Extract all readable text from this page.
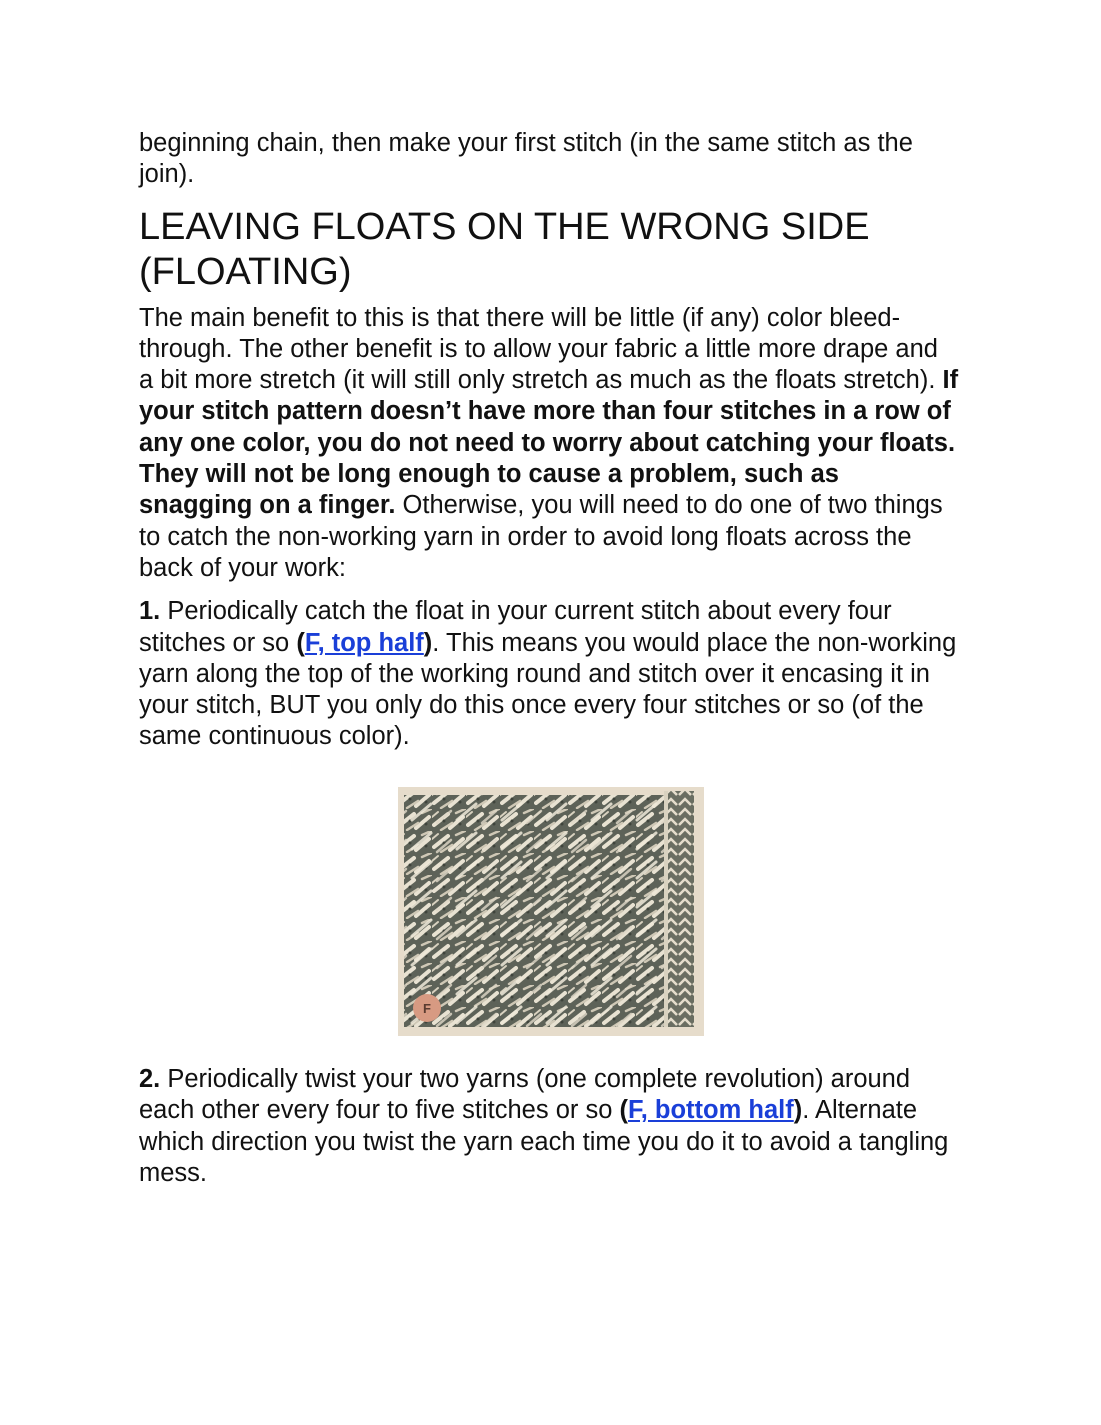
beginning chain, then make your first stitch (in the same stitch as the join).

LEAVING FLOATS ON THE WRONG SIDE
(FLOATING)

The main benefit to this is that there will be little (if any) color bleed-through. The other benefit is to allow your fabric a little more drape and a bit more stretch (it will still only stretch as much as the floats stretch). If your stitch pattern doesn’t have more than four stitches in a row of any one color, you do not need to worry about catching your floats. They will not be long enough to cause a problem, such as snagging on a finger. Otherwise, you will need to do one of two things to catch the non-working yarn in order to avoid long floats across the back of your work:

1. Periodically catch the float in your current stitch about every four stitches or so (F, top half). This means you would place the non-working yarn along the top of the working round and stitch over it encasing it in your stitch, BUT you only do this once every four stitches or so (of the same continuous color).

F

2. Periodically twist your two yarns (one complete revolution) around each other every four to five stitches or so (F, bottom half). Alternate which direction you twist the yarn each time you do it to avoid a tangling mess.
